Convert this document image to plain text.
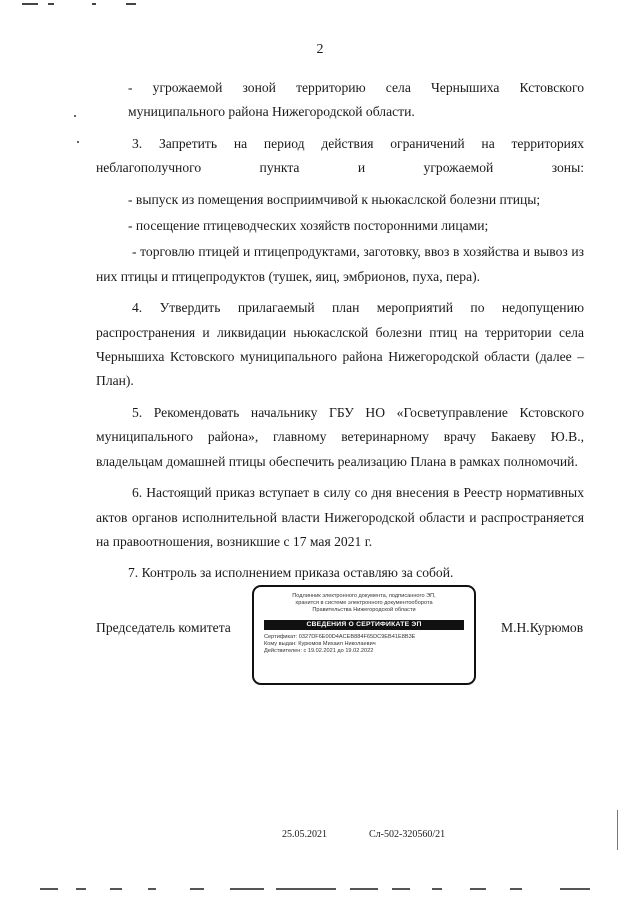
2

- угрожаемой зоной территорию села Чернышиха Кстовского муниципального района Нижегородской области.

3. Запретить на период действия ограничений на территориях неблагополучного пункта и угрожаемой зоны:

- выпуск из помещения восприимчивой к ньюкаслской болезни птицы;

- посещение птицеводческих хозяйств посторонними лицами;

- торговлю птицей и птицепродуктами, заготовку, ввоз в хозяйства и вывоз из них птицы и птицепродуктов (тушек, яиц, эмбрионов, пуха, пера).

4. Утвердить прилагаемый план мероприятий по недопущению распространения и ликвидации ньюкаслской болезни птиц на территории села Чернышиха Кстовского муниципального района Нижегородской области (далее – План).

5. Рекомендовать начальнику ГБУ НО «Госветуправление Кстовского муниципального района», главному ветеринарному врачу Бакаеву Ю.В., владельцам домашней птицы обеспечить реализацию Плана в рамках полномочий.

6. Настоящий приказ вступает в силу со дня внесения в Реестр нормативных актов органов исполнительной власти Нижегородской области и распространяется на правоотношения, возникшие с 17 мая 2021 г.

7. Контроль за исполнением приказа оставляю за собой.

Председатель комитета
Подлинник электронного документа, подписанного ЭП,
хранится в системе электронного документооборота
Правительства Нижегородской области
СВЕДЕНИЯ О СЕРТИФИКАТЕ ЭП
Сертификат: 0327DF6E00D4ACEB884F65DC9EB41E8B3E
Кому выдан: Курюмов Михаил Николаевич
Действителен: с 19.02.2021 до 19.02.2022
М.Н.Курюмов
25.05.2021	Сл-502-320560/21
